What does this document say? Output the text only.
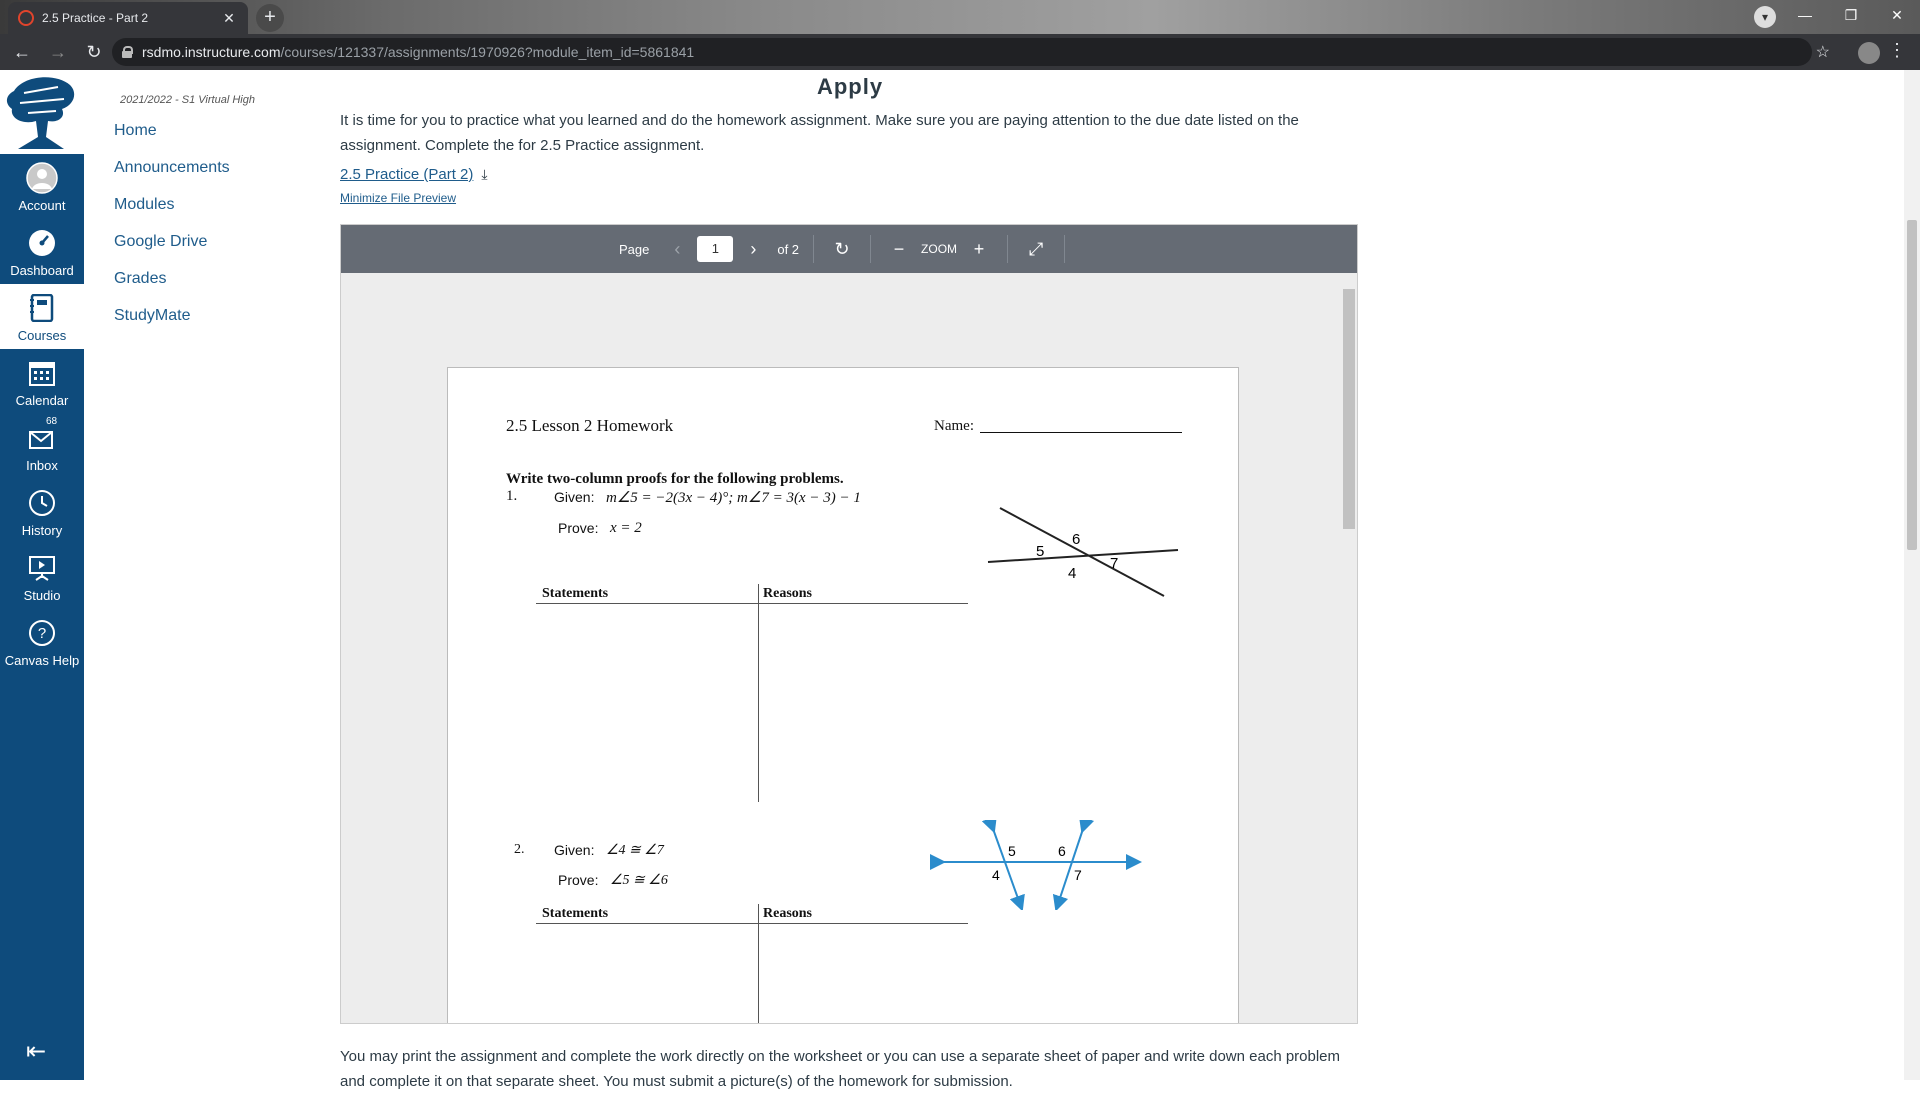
2.5 Practice - Part 2	✕	+	▾	—	❐	✕
← →	↻	rsdmo.instructure.com /courses/121337/assignments/1970926?module_item_id=5861841	☆	⋮
Account
Dashboard
Courses
Calendar
68
Inbox
History
Studio
?
Canvas Help
⇤
2021/2022 - S1 Virtual High
Home
Announcements
Modules
Google Drive
Grades
StudyMate
Apply

It is time for you to practice what you learned and do the homework assignment. Make sure you are paying attention to the due date listed on the assignment. Complete the for 2.5 Practice assignment.

2.5 Practice (Part 2) ⤓
Minimize File Preview
Page	‹	1	›	of 2	↻	−	ZOOM +	⤢
2.5 Lesson 2 Homework	Name:
Write two-column proofs for the following problems.
1.	Given: m∠5 = −2(3x − 4)°; m∠7 = 3(x − 3) − 1
Prove: x = 2
5
6
4
7
Statements	Reasons
2. Given: ∠4 ≅ ∠7
Prove: ∠5 ≅ ∠6
5	6
4	7
Statements	Reasons

You may print the assignment and complete the work directly on the worksheet or you can use a separate sheet of paper and write down each problem and complete it on that separate sheet. You must submit a picture(s) of the homework for submission.
